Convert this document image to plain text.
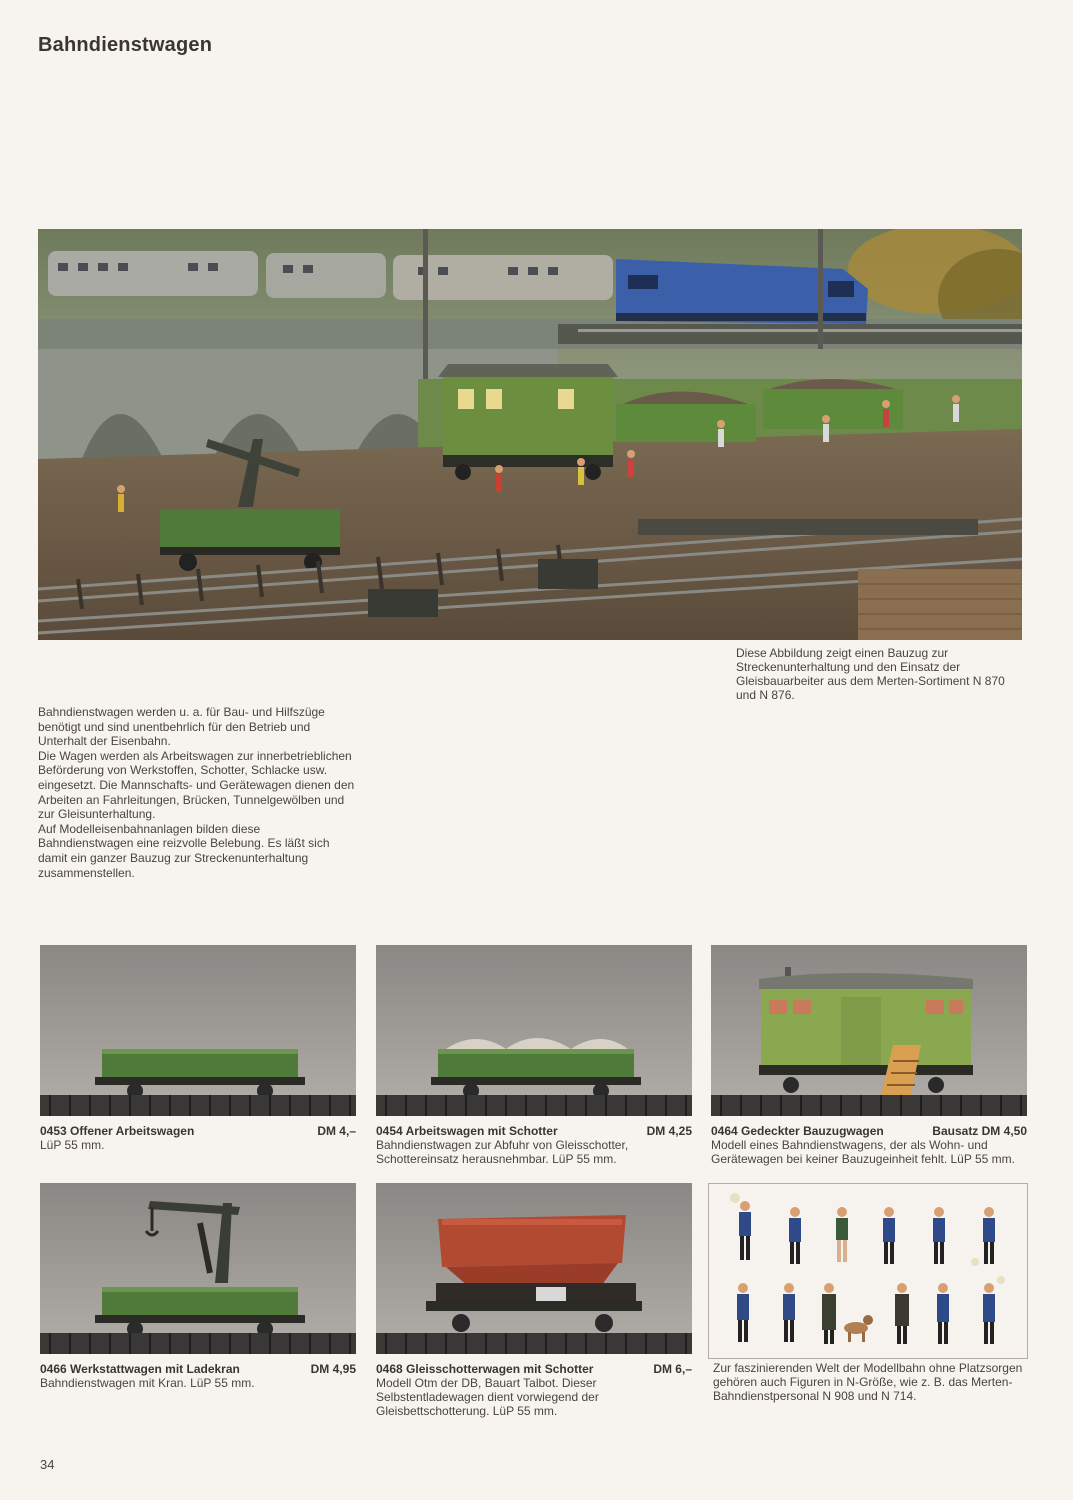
Bahndienstwagen
Diese Abbildung zeigt einen Bauzug zur Streckenunterhaltung und den Einsatz der Gleisbauarbeiter aus dem Merten-Sortiment N 870 und N 876.

Bahndienstwagen werden u. a. für Bau- und Hilfszüge benötigt und sind unentbehrlich für den Betrieb und Unterhalt der Eisenbahn.

Die Wagen werden als Arbeitswagen zur innerbetrieblichen Beförderung von Werkstoffen, Schotter, Schlacke usw. eingesetzt. Die Mannschafts- und Gerätewagen dienen den Arbeiten an Fahrleitungen, Brücken, Tunnelgewölben und zur Gleisunterhaltung.

Auf Modelleisenbahnanlagen bilden diese Bahndienstwagen eine reizvolle Belebung. Es läßt sich damit ein ganzer Bauzug zur Streckenunterhaltung zusammenstellen.

0453 Offener Arbeitswagen	DM 4,–
LüP 55 mm.
0454 Arbeitswagen mit Schotter	DM 4,25
Bahndienstwagen zur Abfuhr von Gleisschotter, Schottereinsatz herausnehmbar. LüP 55 mm.
0464 Gedeckter Bauzugwagen	Bausatz DM 4,50
Modell eines Bahndienstwagens, der als Wohn- und Gerätewagen bei keiner Bauzugeinheit fehlt. LüP 55 mm.
0466 Werkstattwagen mit Ladekran	DM 4,95
Bahndienstwagen mit Kran. LüP 55 mm.
0468 Gleisschotterwagen mit Schotter	DM 6,–
Modell Otm der DB, Bauart Talbot. Dieser Selbstentladewagen dient vorwiegend der Gleisbettschotterung. LüP 55 mm.
Zur faszinierenden Welt der Modellbahn ohne Platzsorgen gehören auch Figuren in N-Größe, wie z. B. das Merten-Bahndienstpersonal N 908 und N 714.
34
